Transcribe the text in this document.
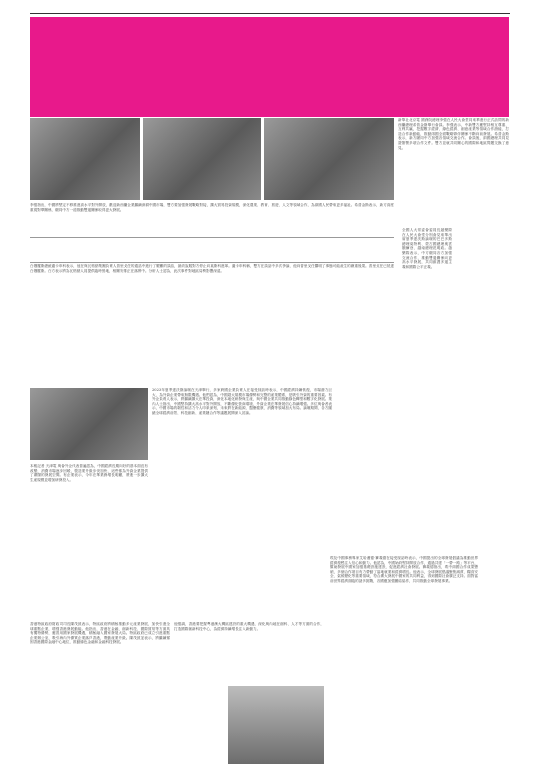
新華社北京電 國務院總理李強在人民大會堂同來華進行正式訪問的新西蘭總理希普金斯舉行會談。李強表示，中新雙方應堅持相互尊重、互利共贏，挖掘數字經濟、綠色經濟、創意產業等領域合作潛能，打造合作新動能，推動兩國全面戰略夥伴關係不斷向前發展。希普金斯表示，新方願同中方加強各領域交流合作。會談後，兩國總理共同見證簽署多項合作文件。雙方並就共同關心的國際和地區問題交換了意見。
李強指出，中國將堅定不移推進高水平對外開放，歡迎新西蘭企業繼續深耕中國市場，雙方要加強發展戰略對接，擴大貿易投資規模，深化農業、教育、旅遊、人文等領域合作，為兩國人民帶來更多福祉。希普金斯表示，新方高度重視對華關係，願同中方一道推動雙邊關係取得更大發展。
白俄羅斯總統盧卡申科表示，他在與瓦格納集團負責人普里戈任的通話中進行了艱難的談話，最終說服對方停止向莫斯科進軍。盧卡申科稱，雙方在談話中多次爭論，他向普里戈任闡明了事態可能產生的嚴重後果。普里戈任已抵達白俄羅斯。白方表示將為瓦格納人員提供臨時營地，相關安排正在落實中。分析人士認為，此次事件對地區局勢影響深遠。
2023年夏季達沃斯論壇在天津舉行，多家跨國企業負責人在接受採訪時表示，中國經濟持續恢復，市場潛力巨大，為外資企業帶來無限機遇。他們認為，中國超大規模市場優勢和完整的產業體系，是吸引外資的重要因素。有外企負責人表示，將繼續擴大在華投資，深化本地化研發與生產，與中國企業共同推動綠色轉型和數字化發展。業內人士指出，中國堅持擴大高水平對外開放，不斷優化營商環境，外資企業在華發展信心持續增強。多位與會者表示，中國市場的韌性和活力令人印象深刻，未來將在新能源、醫療健康、消費等領域加大布局。論壇期間，各方圍繞全球經濟前景、科技創新、產業鏈合作等議題展開深入討論。
本報記者 天津電 與會外企代表普遍認為，中國經濟長期向好的基本面沒有改變，消費市場逐步回暖，製造業升級步伐加快，這些都為外資企業提供了廣闊的發展空間。有企業表示，今年在華業務增長明顯，將進一步擴大生產規模並增加研發投入。
全國人大常委會委員長趙樂際在人民大會堂分別會見來華出席夏季達沃斯論壇的巴巴多斯總理莫特利、蒙古國總理奧雲額爾登、越南總理范明政。趙樂際表示，中方願同各方加強交流合作，推動雙邊關係向更高水平發展，共同維護多邊主義和國際公平正義。
香港特區政府財政司司長陳茂波表示，特區政府將積極推動多元產業發展，加快引進全球重點企業，增強香港發展動能。他指出，香港在金融、創新科技、國際貿易等方面具有獨特優勢，應善用國家發展機遇，積極融入國家發展大局。特區政府已成立引進重點企業辦公室，吸引海內外優質企業落戶香港，帶動產業升級。陳茂波並表示，將繼續鞏固香港國際金融中心地位，推動綠色金融和金融科技發展。
他強調，香港要把握粵港澳大灣區建設的重大機遇，深化與內地在創科、人才等方面的合作，打造國際創新科技中心，為經濟持續增長注入新動力。
埃及中國事務專家艾哈邁德·賽義德在接受採訪時表示，中國提出的全球發展倡議為推動世界經濟復甦注入信心和動力。他認為，中國始終堅持開放合作，通過共建「一帶一路」等平台，幫助發展中國家加強基礎設施建設，促進經濟社會發展。賽義德指出，埃中兩國合作成果豐碩，多個合作項目有力帶動了當地就業和經濟增長。他表示，全球發展倡議聚焦減貧、糧食安全、氣候變化等重要領域，符合廣大發展中國家的共同利益，得到國際社會廣泛支持。面對當前世界經濟面臨的諸多挑戰，各國應加強團結協作，共同推動全球發展事業。
